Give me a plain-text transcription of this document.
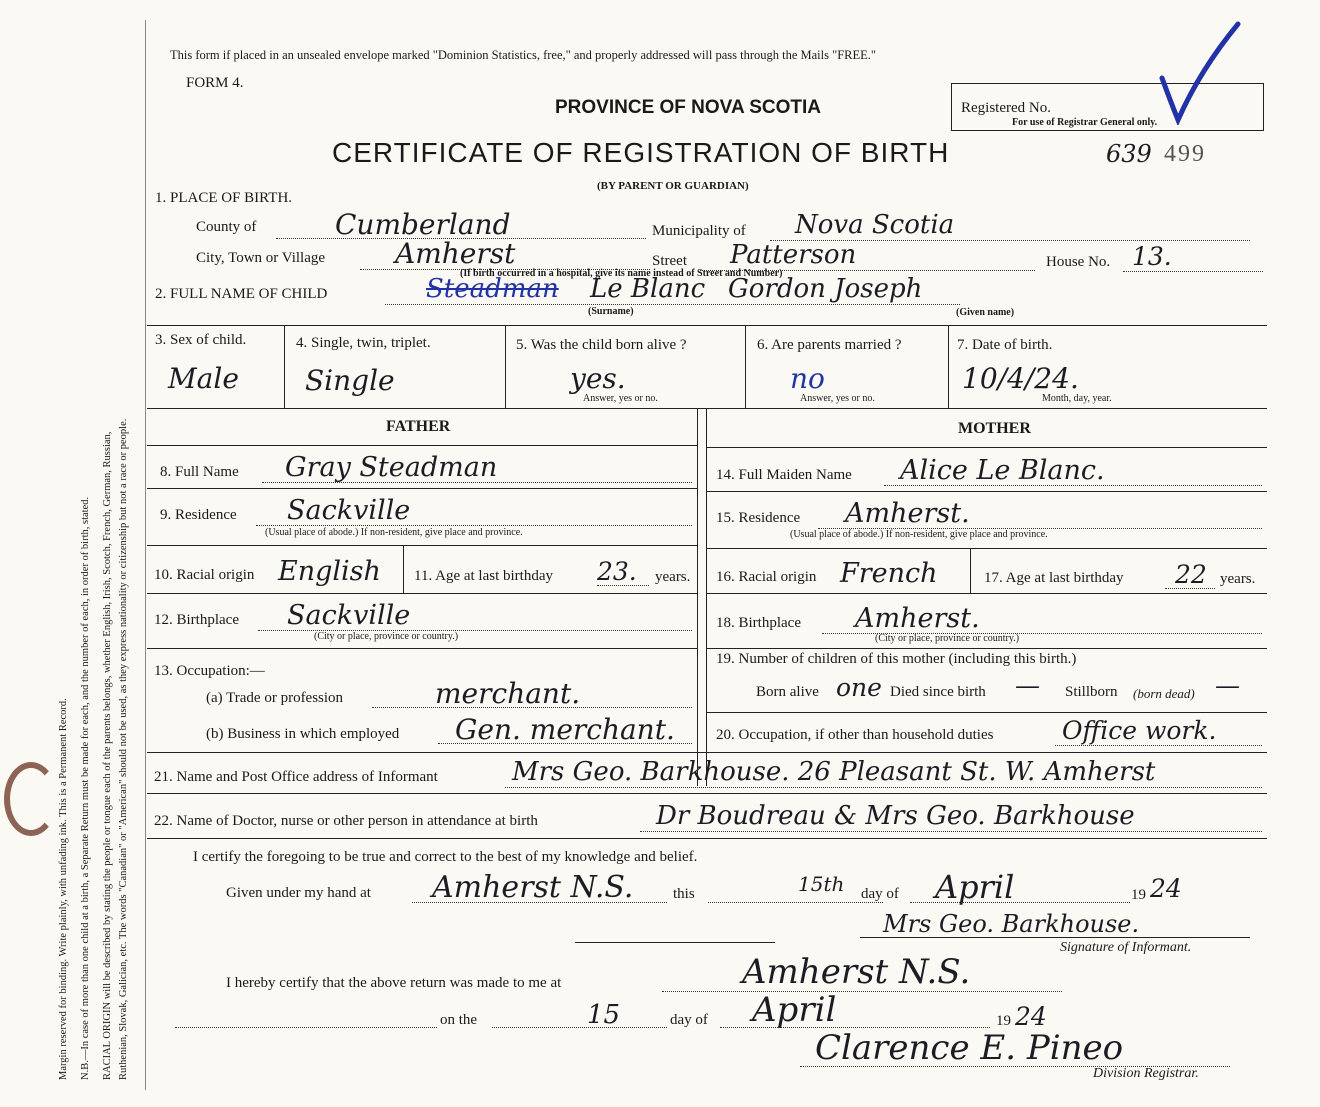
Margin reserved for binding. Write plainly, with unfading ink. This is a Permanent Record. N.B.—In case of more than one child at a birth, a Separate Return must be made for each, and the number of each, in order of birth, stated. RACIAL ORIGIN will be described by stating the people or tongue each of the parents belongs, whether English, Irish, Scotch, French, German, Russian, Ruthenian, Slovak, Galician, etc. The words "Canadian" or "American" should not be used, as they express nationality or citizenship but not a race or people.
This form if placed in an unsealed envelope marked "Dominion Statistics, free," and properly addressed will pass through the Mails "FREE."
FORM 4.
PROVINCE OF NOVA SCOTIA
CERTIFICATE OF REGISTRATION OF BIRTH
(BY PARENT OR GUARDIAN)
Registered No.
For use of Registrar General only.
639 499
1. PLACE OF BIRTH.
County of	Cumberland	Municipality of Nova Scotia
City, Town or Village Amherst	Street Patterson
(If birth occurred in a hospital, give its name instead of Street and Number)
House No. 13.
2. FULL NAME OF CHILD	Steadman Le Blanc Gordon Joseph
(Surname)	(Given name)
3. Sex of child.
Male
4. Single, twin, triplet.
Single
5. Was the child born alive ?
yes.
Answer, yes or no.
6. Are parents married ?
no
Answer, yes or no.
7. Date of birth.
10/4/24.
Month, day, year.
FATHER	MOTHER
8. Full Name Gray Steadman	14. Full Maiden Name Alice Le Blanc.
9. Residence Sackville
(Usual place of abode.) If non-resident, give place and province.
15. Residence Amherst.
(Usual place of abode.) If non-resident, give place and province.
10. Racial origin English 11. Age at last birthday 23. years. 16. Racial origin French	17. Age at last birthday 22 years.
12. Birthplace Sackville
(City or place, province or country.)
18. Birthplace Amherst.
(City or place, province or country.)
13. Occupation:—
(a) Trade or profession	merchant.
19. Number of children of this mother (including this birth.)
Born alive one Died since birth — Stillborn (born dead) —
(b) Business in which employed Gen. merchant.	20. Occupation, if other than household duties	Office work.
21. Name and Post Office address of Informant	Mrs Geo. Barkhouse. 26 Pleasant St. W. Amherst
22. Name of Doctor, nurse or other person in attendance at birth	Dr Boudreau & Mrs Geo. Barkhouse
I certify the foregoing to be true and correct to the best of my knowledge and belief.
Given under my hand at Amherst N.S.	this	15th day of April	19 24
Mrs Geo. Barkhouse.
Signature of Informant.
I hereby certify that the above return was made to me at	Amherst N.S.
on the	15	day of April	19 24
Clarence E. Pineo
Division Registrar.
